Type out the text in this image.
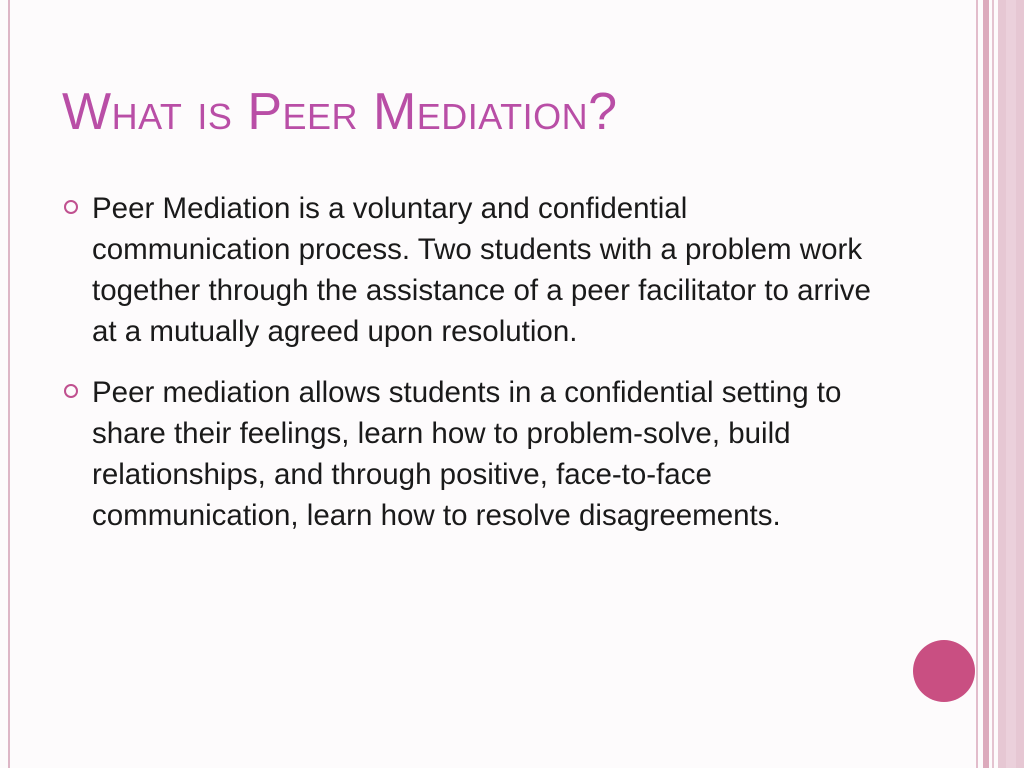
What is Peer Mediation?
Peer Mediation is a voluntary and confidential communication process. Two students with a problem work together through the assistance of a peer facilitator to arrive at a mutually agreed upon resolution.
Peer mediation allows students in a confidential setting to share their feelings, learn how to problem-solve, build relationships, and through positive, face-to-face communication, learn how to resolve disagreements.
